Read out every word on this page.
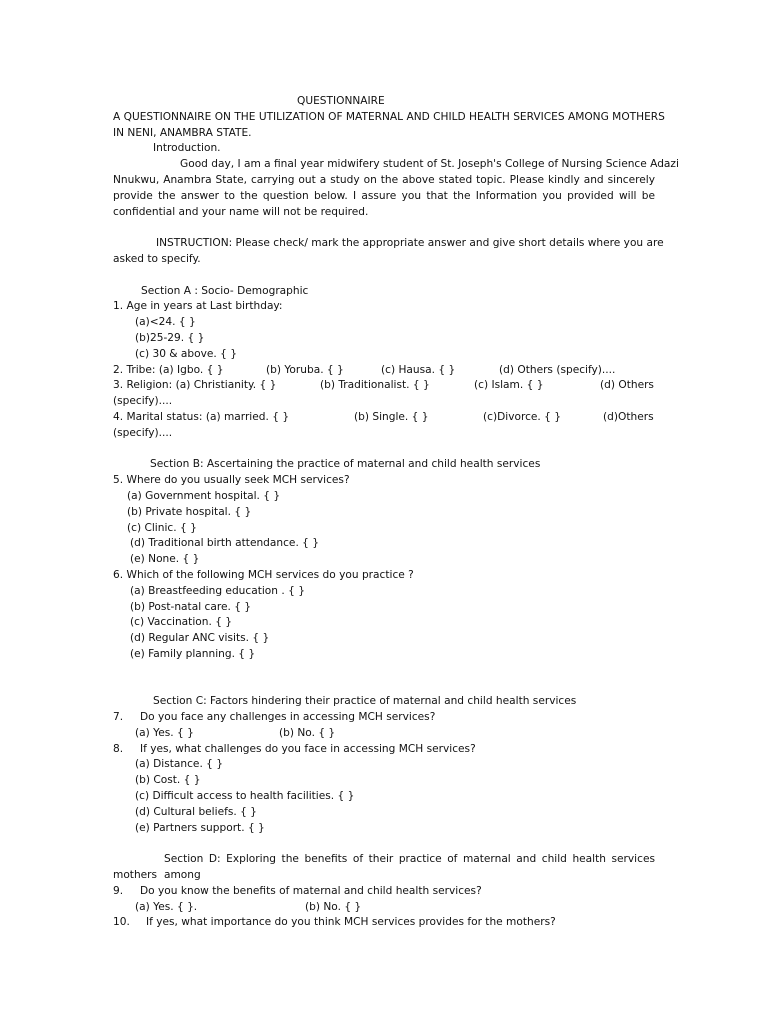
QUESTIONNAIRE
A QUESTIONNAIRE ON THE UTILIZATION OF MATERNAL AND CHILD HEALTH SERVICES AMONG MOTHERS
IN NENI, ANAMBRA STATE.
Introduction.
Good day, I am a final year midwifery student of St. Joseph's College of Nursing Science Adazi
Nnukwu, Anambra State, carrying out a study on the above stated topic. Please kindly and sincerely
provide the answer to the question below. I assure you that the Information you provided will be
confidential and your name will not be required.
INSTRUCTION: Please check/ mark the appropriate answer and give short details where you are
asked to specify.
Section A : Socio- Demographic
1. Age in years at Last birthday:
(a)<24. { }
(b)25-29. { }
(c) 30 & above. { }
2. Tribe: (a) Igbo. { }	(b) Yoruba. { }	(c) Hausa. { }	(d) Others (specify)....
3. Religion: (a) Christianity. { }	(b) Traditionalist. { }	(c) Islam. { }	(d) Others
(specify)....
4. Marital status: (a) married. { }	(b) Single. { }	(c)Divorce. { }	(d)Others
(specify)....
Section B: Ascertaining the practice of maternal and child health services
5. Where do you usually seek MCH services?
(a) Government hospital. { }
(b) Private hospital. { }
(c) Clinic. { }
(d) Traditional birth attendance. { }
(e) None. { }
6. Which of the following MCH services do you practice ?
(a) Breastfeeding education . { }
(b) Post-natal care. { }
(c) Vaccination. { }
(d) Regular ANC visits. { }
(e) Family planning. { }
Section C: Factors hindering their practice of maternal and child health services
7. Do you face any challenges in accessing MCH services?
(a) Yes. { }	(b) No. { }
8. If yes, what challenges do you face in accessing MCH services?
(a) Distance. { }
(b) Cost. { }
(c) Difficult access to health facilities. { }
(d) Cultural beliefs. { }
(e) Partners support. { }
Section D: Exploring the benefits of their practice of maternal and child health services among
mothers
9. Do you know the benefits of maternal and child health services?
(a) Yes. { }.	(b) No. { }
10. If yes, what importance do you think MCH services provides for the mothers?
